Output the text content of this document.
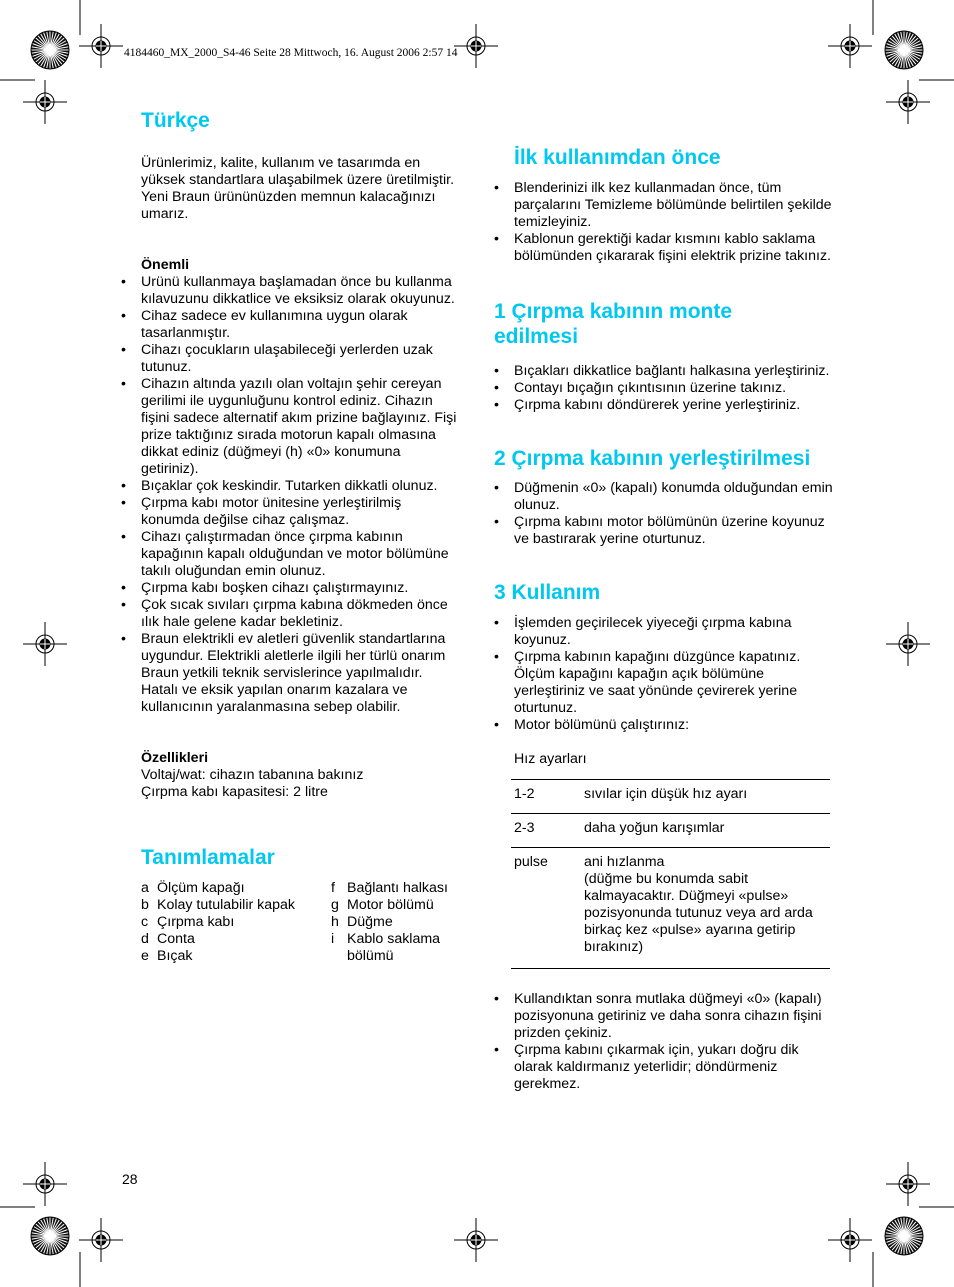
4184460_MX_2000_S4-46 Seite 28 Mittwoch, 16. August 2006 2:57 14
Türkçe

Ürünlerimiz, kalite, kullanım ve tasarımda en yüksek standartlara ulaşabilmek üzere üretilmiştir. Yeni Braun ürününüzden memnun kalacağınızı umarız.

Önemli
• Urünü kullanmaya başlamadan önce bu kullanma kılavuzunu dikkatlice ve eksiksiz olarak okuyunuz.
• Cihaz sadece ev kullanımına uygun olarak tasarlanmıştır.
• Cihazı çocukların ulaşabileceği yerlerden uzak tutunuz.
• Cihazın altında yazılı olan voltajın şehir cereyan gerilimi ile uygunluğunu kontrol ediniz. Cihazın fişini sadece alternatif akım prizine bağlayınız. Fişi prize taktığınız sırada motorun kapalı olmasına dikkat ediniz (düğmeyi (h) «0» konumuna getiriniz).
• Bıçaklar çok keskindir. Tutarken dikkatli olunuz.
• Çırpma kabı motor ünitesine yerleştirilmiş konumda değilse cihaz çalışmaz.
• Cihazı çalıştırmadan önce çırpma kabının kapağının kapalı olduğundan ve motor bölümüne takılı oluğundan emin olunuz.
• Çırpma kabı boşken cihazı çalıştırmayınız.
• Çok sıcak sıvıları çırpma kabına dökmeden önce ılık hale gelene kadar bekletiniz.
• Braun elektrikli ev aletleri güvenlik standartlarına uygundur. Elektrikli aletlerle ilgili her türlü onarım Braun yetkili teknik servislerince yapılmalıdır. Hatalı ve eksik yapılan onarım kazalara ve kullanıcının yaralanmasına sebep olabilir.
Özellikleri
Voltaj/wat: cihazın tabanına bakınız
Çırpma kabı kapasitesi: 2 litre
Tanımlamalar
a Ölçüm kapağı
b Kolay tutulabilir kapak
c Çırpma kabı
d Conta
e Bıçak
f Bağlantı halkası
g Motor bölümü
h Düğme
i Kablo saklama bölümü
İlk kullanımdan önce
• Blenderinizi ilk kez kullanmadan önce, tüm parçalarını Temizleme bölümünde belirtilen şekilde temizleyiniz.
• Kablonun gerektiği kadar kısmını kablo saklama bölümünden çıkararak fişini elektrik prizine takınız.
1 Çırpma kabının monte edilmesi
• Bıçakları dikkatlice bağlantı halkasına yerleştiriniz.
• Contayı bıçağın çıkıntısının üzerine takınız.
• Çırpma kabını döndürerek yerine yerleştiriniz.
2 Çırpma kabının yerleştirilmesi
• Düğmenin «0» (kapalı) konumda olduğundan emin olunuz.
• Çırpma kabını motor bölümünün üzerine koyunuz ve bastırarak yerine oturtunuz.
3 Kullanım
• İşlemden geçirilecek yiyeceği çırpma kabına koyunuz.
• Çırpma kabının kapağını düzgünce kapatınız. Ölçüm kapağını kapağın açık bölümüne yerleştiriniz ve saat yönünde çevirerek yerine oturtunuz.
• Motor bölümünü çalıştırınız:
Hız ayarları
1-2	sıvılar için düşük hız ayarı
2-3	daha yoğun karışımlar
pulse	ani hızlanma
(düğme bu konumda sabit kalmayacaktır. Düğmeyi «pulse» pozisyonunda tutunuz veya ard arda birkaç kez «pulse» ayarına getirip bırakınız)
• Kullandıktan sonra mutlaka düğmeyi «0» (kapalı) pozisyonuna getiriniz ve daha sonra cihazın fişini prizden çekiniz.
• Çırpma kabını çıkarmak için, yukarı doğru dik olarak kaldırmanız yeterlidir; döndürmeniz gerekmez.
28
